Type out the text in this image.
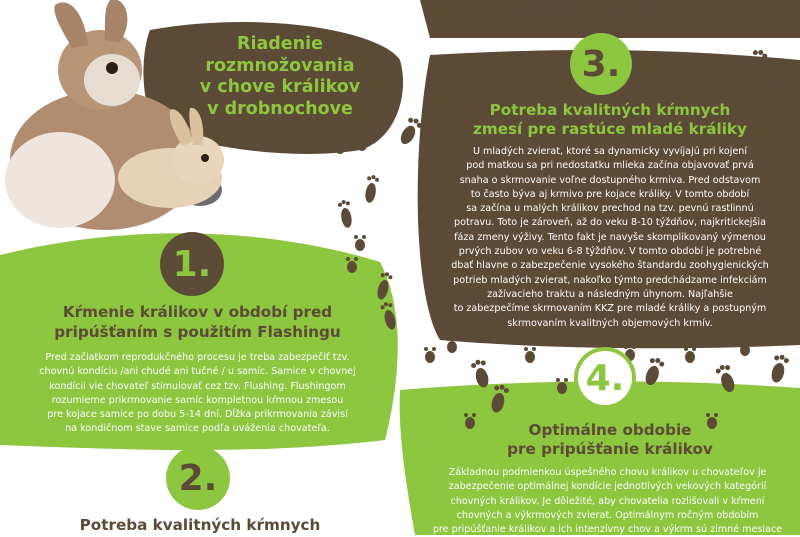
dôležitá v procese tvorby mlieka.
Riadenie
rozmnožovania
v chove králikov
v drobnochove
3.
Potreba kvalitných kŕmnych
zmesí pre rastúce mladé králiky
U mladých zvierat, ktoré sa dynamicky vyvíjajú pri kojení
pod matkou sa pri nedostatku mlieka začína objavovať prvá
snaha o skrmovanie voľne dostupného krmiva. Pred odstavom
to často býva aj krmivo pre kojace králiky. V tomto období
sa začína u malých králikov prechod na tzv. pevnú rastlinnú
potravu. Toto je zároveň, až do veku 8-10 týždňov, najkritickejšia
fáza zmeny výživy. Tento fakt je navyše skomplikovaný výmenou
prvých zubov vo veku 6-8 týždňov. V tomto období je potrebné
dbať hlavne o zabezpečenie vysokého štandardu zoohygienických
potrieb mladých zvierat, nakoľko týmto predchádzame infekciám
zažívacieho traktu a následným úhynom. Najľahšie
to zabezpečíme skrmovaním KKZ pre mladé králiky a postupným
skrmovaním kvalitných objemových krmív.
1.
Kŕmenie králikov v období pred
pripúšťaním s použitím Flashingu
Pred začiatkom reprodukčného procesu je treba zabezpečiť tzv.
chovnú kondíciu /ani chudé ani tučné / u samíc. Samice v chovnej
kondícii vie chovateľ stimulovať cez tzv. Flushing. Flushingom
rozumieme prikrmovanie samíc kompletnou kŕmnou zmesou
pre kojace samice po dobu 5-14 dní. Dĺžka prikrmovania závisí
na kondičnom stave samice podľa uváženia chovateľa.
4.
Optimálne obdobie
pre pripúšťanie králikov
Základnou podmienkou úspešného chovu králikov u chovateľov je
zabezpečenie optimálnej kondície jednotlivých vekových kategórií
chovných králikov. Je dôležité, aby chovatelia rozlišovali v kŕmení
chovných a výkrmových zvierat. Optimálnym ročným obdobím
pre pripúšťanie králikov a ich intenzívny chov a výkrm sú zimné mesiace
2.
Potreba kvalitných kŕmnych
